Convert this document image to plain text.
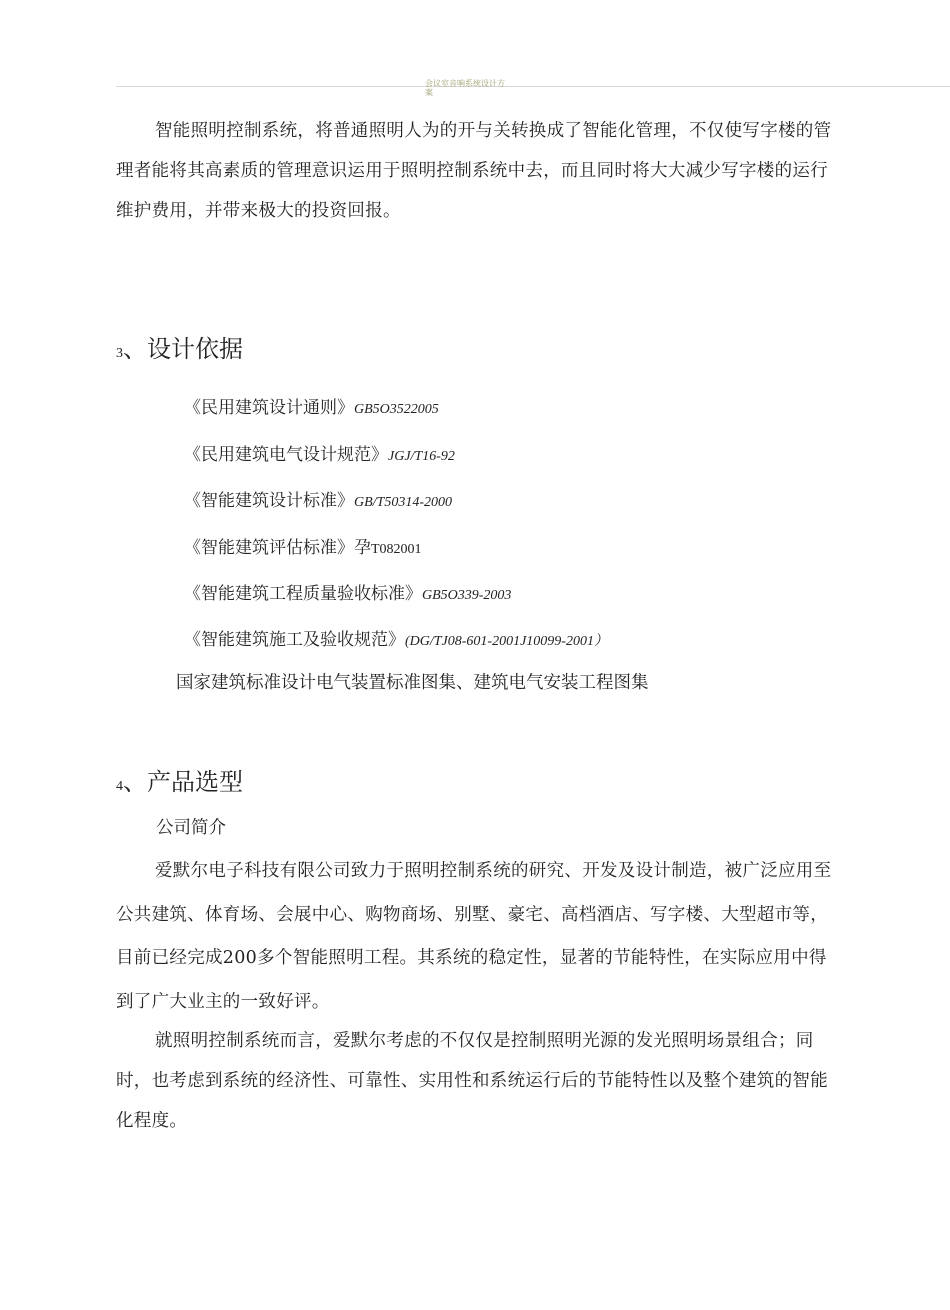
会议室音响系统设计方
案

智能照明控制系统，将普通照明人为的开与关转换成了智能化管理，不仅使写字楼的管理者能将其高素质的管理意识运用于照明控制系统中去，而且同时将大大减少写字楼的运行维护费用，并带来极大的投资回报。

3、设计依据
《民用建筑设计通则》GB5O3522005
《民用建筑电气设计规范》JGJ/T16-92
《智能建筑设计标准》GB/T50314-2000
《智能建筑评估标准》孕T082001
《智能建筑工程质量验收标准》GB5O339-2003
《智能建筑施工及验收规范》(DG/TJ08-601-2001J10099-2001）
国家建筑标准设计电气装置标准图集、建筑电气安装工程图集
4、产品选型
公司简介

爱默尔电子科技有限公司致力于照明控制系统的研究、开发及设计制造，被广泛应用至公共建筑、体育场、会展中心、购物商场、别墅、豪宅、高档酒店、写字楼、大型超市等，目前已经完成200多个智能照明工程。其系统的稳定性，显著的节能特性，在实际应用中得到了广大业主的一致好评。

就照明控制系统而言，爱默尔考虑的不仅仅是控制照明光源的发光照明场景组合；同时，也考虑到系统的经济性、可靠性、实用性和系统运行后的节能特性以及整个建筑的智能化程度。
